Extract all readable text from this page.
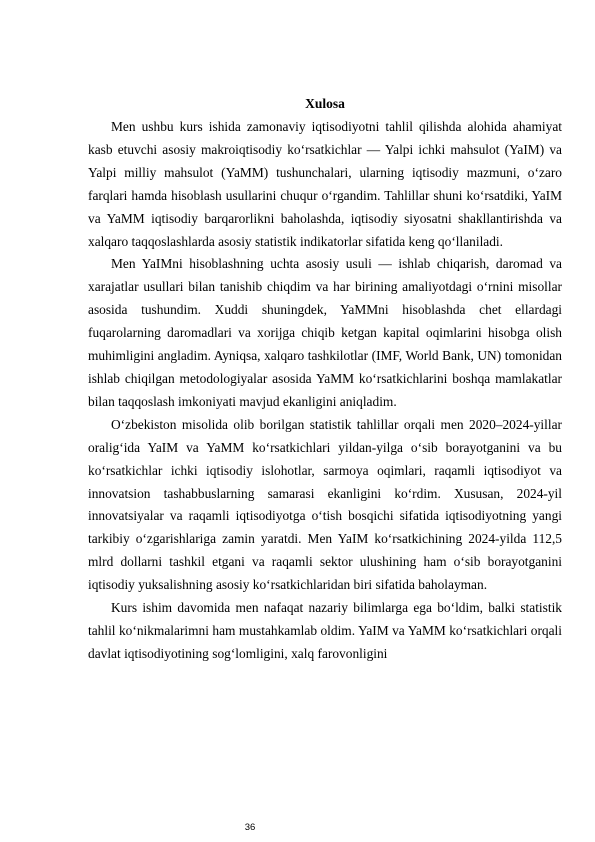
Xulosa

Men ushbu kurs ishida zamonaviy iqtisodiyotni tahlil qilishda alohida ahamiyat kasb etuvchi asosiy makroiqtisodiy ko‘rsatkichlar — Yalpi ichki mahsulot (YaIM) va Yalpi milliy mahsulot (YaMM) tushunchalari, ularning iqtisodiy mazmuni, o‘zaro farqlari hamda hisoblash usullarini chuqur o‘rgandim. Tahlillar shuni ko‘rsatdiki, YaIM va YaMM iqtisodiy barqarorlikni baholashda, iqtisodiy siyosatni shakllantirishda va xalqaro taqqoslashlarda asosiy statistik indikatorlar sifatida keng qo‘llaniladi.

Men YaIMni hisoblashning uchta asosiy usuli — ishlab chiqarish, daromad va xarajatlar usullari bilan tanishib chiqdim va har birining amaliyotdagi o‘rnini misollar asosida tushundim. Xuddi shuningdek, YaMMni hisoblashda chet ellardagi fuqarolarning daromadlari va xorijga chiqib ketgan kapital oqimlarini hisobga olish muhimligini angladim. Ayniqsa, xalqaro tashkilotlar (IMF, World Bank, UN) tomonidan ishlab chiqilgan metodologiyalar asosida YaMM ko‘rsatkichlarini boshqa mamlakatlar bilan taqqoslash imkoniyati mavjud ekanligini aniqladim.

O‘zbekiston misolida olib borilgan statistik tahlillar orqali men 2020–2024-yillar oralig‘ida YaIM va YaMM ko‘rsatkichlari yildan-yilga o‘sib borayotganini va bu ko‘rsatkichlar ichki iqtisodiy islohotlar, sarmoya oqimlari, raqamli iqtisodiyot va innovatsion tashabbuslarning samarasi ekanligini ko‘rdim. Xususan, 2024-yil innovatsiyalar va raqamli iqtisodiyotga o‘tish bosqichi sifatida iqtisodiyotning yangi tarkibiy o‘zgarishlariga zamin yaratdi. Men YaIM ko‘rsatkichining 2024-yilda 112,5 mlrd dollarni tashkil etgani va raqamli sektor ulushining ham o‘sib borayotganini iqtisodiy yuksalishning asosiy ko‘rsatkichlaridan biri sifatida baholayman.

Kurs ishim davomida men nafaqat nazariy bilimlarga ega bo‘ldim, balki statistik tahlil ko‘nikmalarimni ham mustahkamlab oldim. YaIM va YaMM ko‘rsatkichlari orqali davlat iqtisodiyotining sog‘lomligini, xalq farovonligini

36
